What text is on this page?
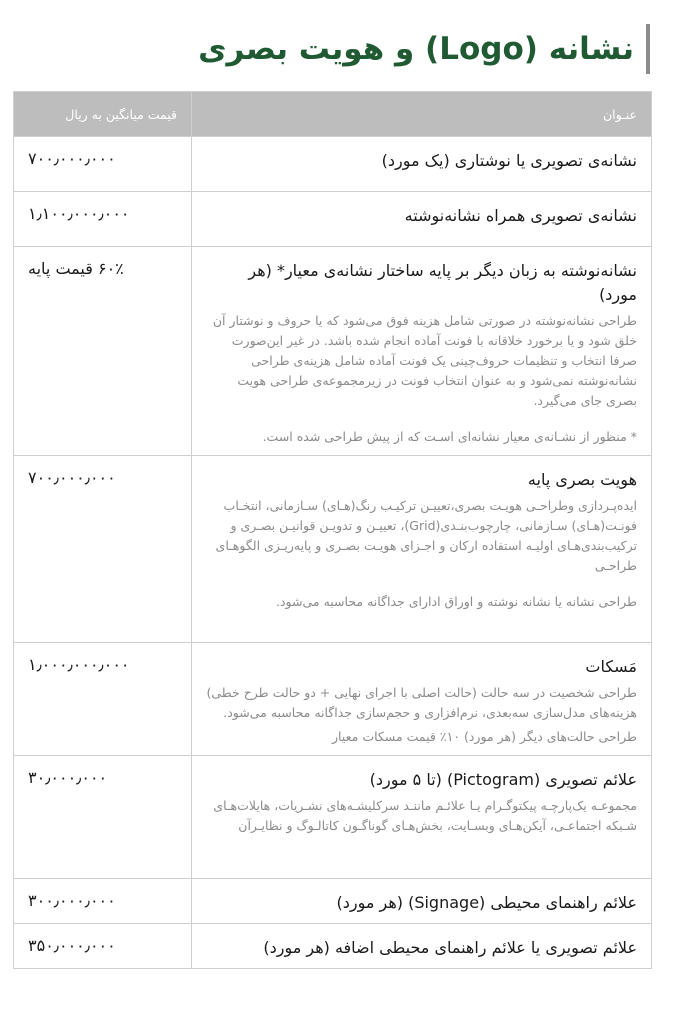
نشانه (Logo) و هویت بصری
عنـوان	قیمت میانگین به ریال

نشانه‌ی تصویری یا نوشتاری (یک مورد)	۷۰۰٫۰۰۰٫۰۰۰

نشانه‌ی تصویری همراه نشانه‌نوشته	۱٫۱۰۰٫۰۰۰٫۰۰۰

نشانه‌نوشته به زبان دیگر بر پایه ساختار نشانه‌ی معیار* (هر مورد)
طراحی نشانه‌نوشته در صورتی شامل هزینه فوق می‌شود که یا حروف و نوشتار آن خلق شود و یا برخورد خلاقانه با فونت آماده انجام شده باشد. در غیر این‌صورت صرفا انتخاب و تنظیمات حروف‌چینی یک فونت آماده شامل هزینه‌ی طراحی نشانه‌نوشته نمی‌شود و به عنوان انتخاب فونت در زیرمجموعه‌ی طراحی هویت بصری جای می‌گیرد.
* منظور از نشـانه‌ی معیار نشانه‌ای اسـت که از پیش طراحی شده است.	۶۰٪ قیمت پایه

هویت بصری پایه
ایده‌پـردازی وطراحـی هویـت بصری،تعییـن ترکیـب رنگ(هـای) سـازمانی، انتخـاب فونـت(هـای) سـازمانی، چارچوب‌بنـدی(Grid)، تعییـن و تدویـن قوانیـن بصـری و ترکیب‌بندی‌هـای اولیـه استفاده ارکان و اجـزای هویـت بصـری و پایه‌ریـزی الگوهـای طراحـی
طراحی نشانه یا نشانه نوشته و اوراق ادارای جداگانه محاسبه می‌شود.	۷۰۰٫۰۰۰٫۰۰۰

مَسکات
طراحی شخصیت در سه حالت (حالت اصلی با اجرای نهایی + دو حالت طرح خطی) هزینه‌های مدل‌سازی سه‌بعدی، نرم‌افزاری و حجم‌سازی جداگانه محاسبه می‌شود.
طراحی حالت‌های دیگر (هر مورد) ۱۰٪ قیمت مسکات معیار	۱٫۰۰۰٫۰۰۰٫۰۰۰

علائم تصویری (Pictogram) (تا ۵ مورد)
مجموعـه یک‌پارچـه پیکتوگـرام یـا علائـم ماننـد سرکلیشـه‌های نشـریات، هایلات‌هـای شـبکه اجتماعـی، آیکن‌هـای وبسـایت، بخش‌هـای گوناگـون کاتالـوگ و نظایـرآن	۳۰٫۰۰۰٫۰۰۰

علائم راهنمای محیطی (Signage) (هر مورد)	۳۰۰٫۰۰۰٫۰۰۰

علائم تصویری یا علائم راهنمای محیطی اضافه (هر مورد)	۳۵۰٫۰۰۰٫۰۰۰
